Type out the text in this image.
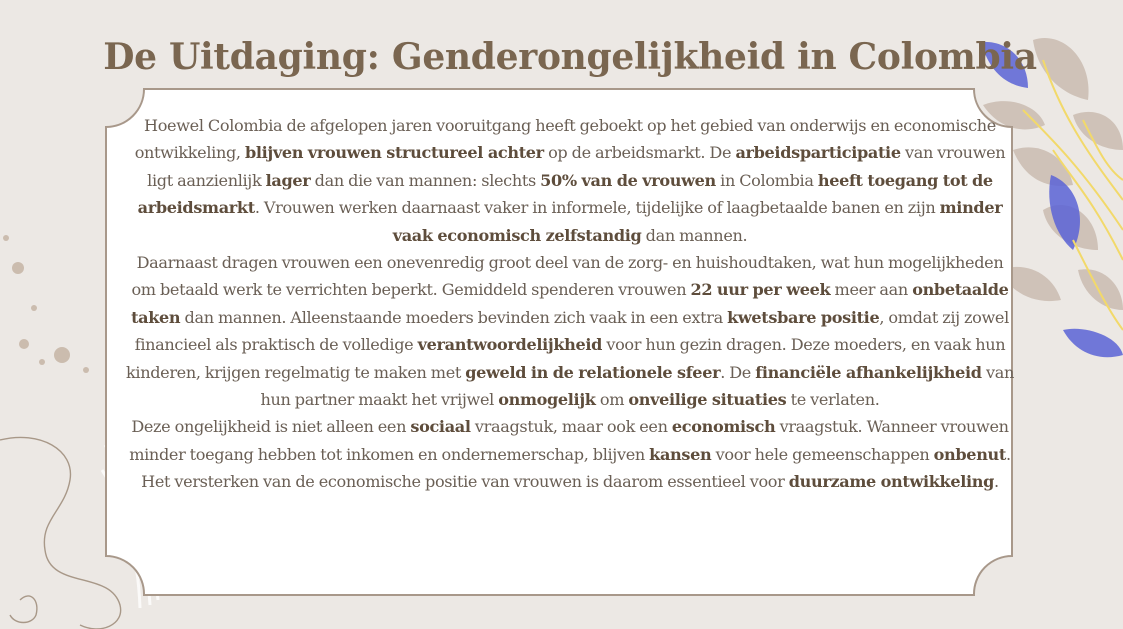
De Uitdaging: Genderongelijkheid in Colombia

Hoewel Colombia de afgelopen jaren vooruitgang heeft geboekt op het gebied van onderwijs en economische ontwikkeling, blijven vrouwen structureel achter op de arbeidsmarkt. De arbeidsparticipatie van vrouwen ligt aanzienlijk lager dan die van mannen: slechts 50% van de vrouwen in Colombia heeft toegang tot de arbeidsmarkt. Vrouwen werken daarnaast vaker in informele, tijdelijke of laagbetaalde banen en zijn minder vaak economisch zelfstandig dan mannen.

Daarnaast dragen vrouwen een onevenredig groot deel van de zorg- en huishoudtaken, wat hun mogelijkheden om betaald werk te verrichten beperkt. Gemiddeld spenderen vrouwen 22 uur per week meer aan onbetaalde taken dan mannen. Alleenstaande moeders bevinden zich vaak in een extra kwetsbare positie, omdat zij zowel financieel als praktisch de volledige verantwoordelijkheid voor hun gezin dragen. Deze moeders, en vaak hun kinderen, krijgen regelmatig te maken met geweld in de relationele sfeer. De financiële afhankelijkheid van hun partner maakt het vrijwel onmogelijk om onveilige situaties te verlaten.

Deze ongelijkheid is niet alleen een sociaal vraagstuk, maar ook een economisch vraagstuk. Wanneer vrouwen minder toegang hebben tot inkomen en ondernemerschap, blijven kansen voor hele gemeenschappen onbenut. Het versterken van de economische positie van vrouwen is daarom essentieel voor duurzame ontwikkeling.
